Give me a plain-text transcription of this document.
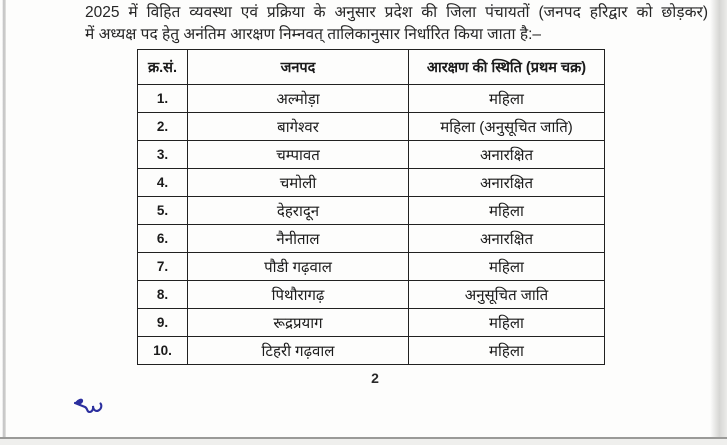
2025 में विहित व्यवस्था एवं प्रक्रिया के अनुसार प्रदेश की जिला पंचायतों (जनपद हरिद्वार को छोड़कर)
में अध्यक्ष पद हेतु अनंतिम आरक्षण निम्नवत् तालिकानुसार निर्धारित किया जाता है:–
क्र.सं.	जनपद	आरक्षण की स्थिति (प्रथम चक्र)
1.	अल्मोड़ा	महिला
2.	बागेश्वर	महिला (अनुसूचित जाति)
3.	चम्पावत	अनारक्षित
4.	चमोली	अनारक्षित
5.	देहरादून	महिला
6.	नैनीताल	अनारक्षित
7.	पौडी गढ़वाल	महिला
8.	पिथौरागढ़	अनुसूचित जाति
9.	रूद्रप्रयाग	महिला
10.	टिहरी गढ़वाल	महिला
2
